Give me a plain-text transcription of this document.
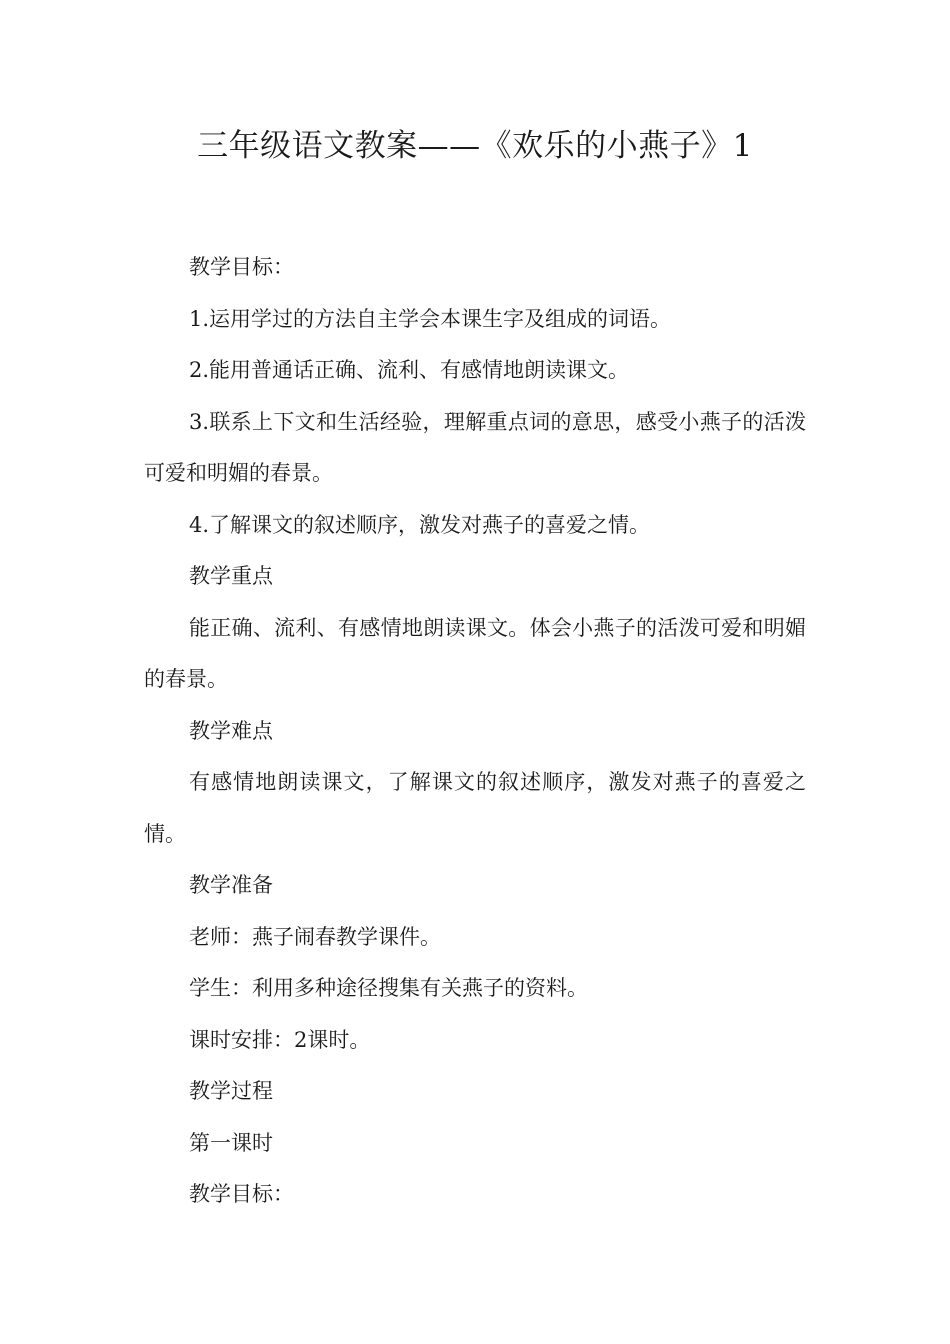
三年级语文教案——《欢乐的小燕子》1

教学目标：

1.运用学过的方法自主学会本课生字及组成的词语。

2.能用普通话正确、流利、有感情地朗读课文。

3.联系上下文和生活经验，理解重点词的意思，感受小燕子的活泼可爱和明媚的春景。

4.了解课文的叙述顺序，激发对燕子的喜爱之情。

教学重点

能正确、流利、有感情地朗读课文。体会小燕子的活泼可爱和明媚的春景。

教学难点

有感情地朗读课文，了解课文的叙述顺序，激发对燕子的喜爱之情。

教学准备

老师：燕子闹春教学课件。

学生：利用多种途径搜集有关燕子的资料。

课时安排：2课时。

教学过程

第一课时

教学目标：
